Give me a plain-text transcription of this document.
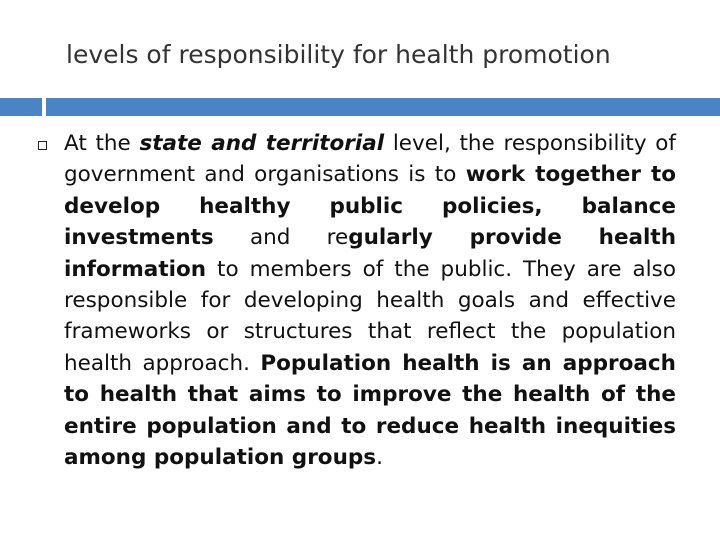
levels of responsibility for health promotion
At the state and territorial level, the responsibility of government and organisations is to work together to develop healthy public policies, balance investments and regularly provide health information to members of the public. They are also responsible for developing health goals and effective frameworks or structures that reflect the population health approach. Population health is an approach to health that aims to improve the health of the entire population and to reduce health inequities among population groups.
